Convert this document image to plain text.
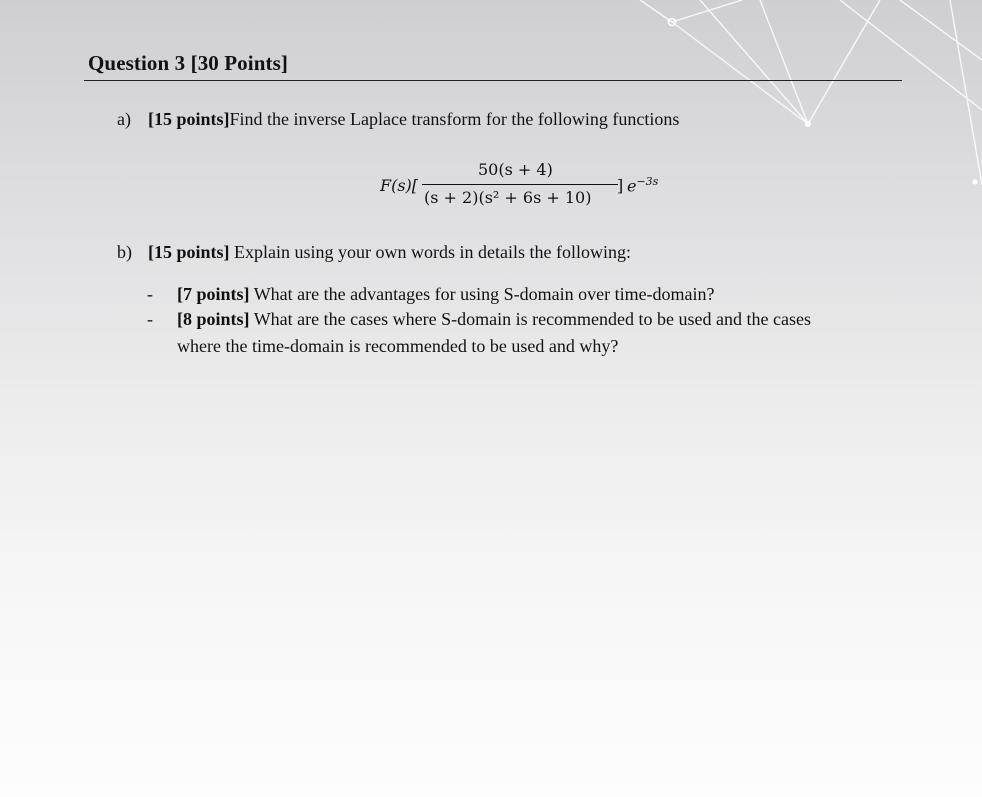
Question 3 [30 Points]
a) [15 points]Find the inverse Laplace transform for the following functions
F(s)[
50(s + 4)
(s + 2)(s² + 6s + 10)
] $e^{-3s}$
b) [15 points] Explain using your own words in details the following:
- [7 points] What are the advantages for using S-domain over time-domain?
- [8 points] What are the cases where S-domain is recommended to be used and the cases
where the time-domain is recommended to be used and why?
